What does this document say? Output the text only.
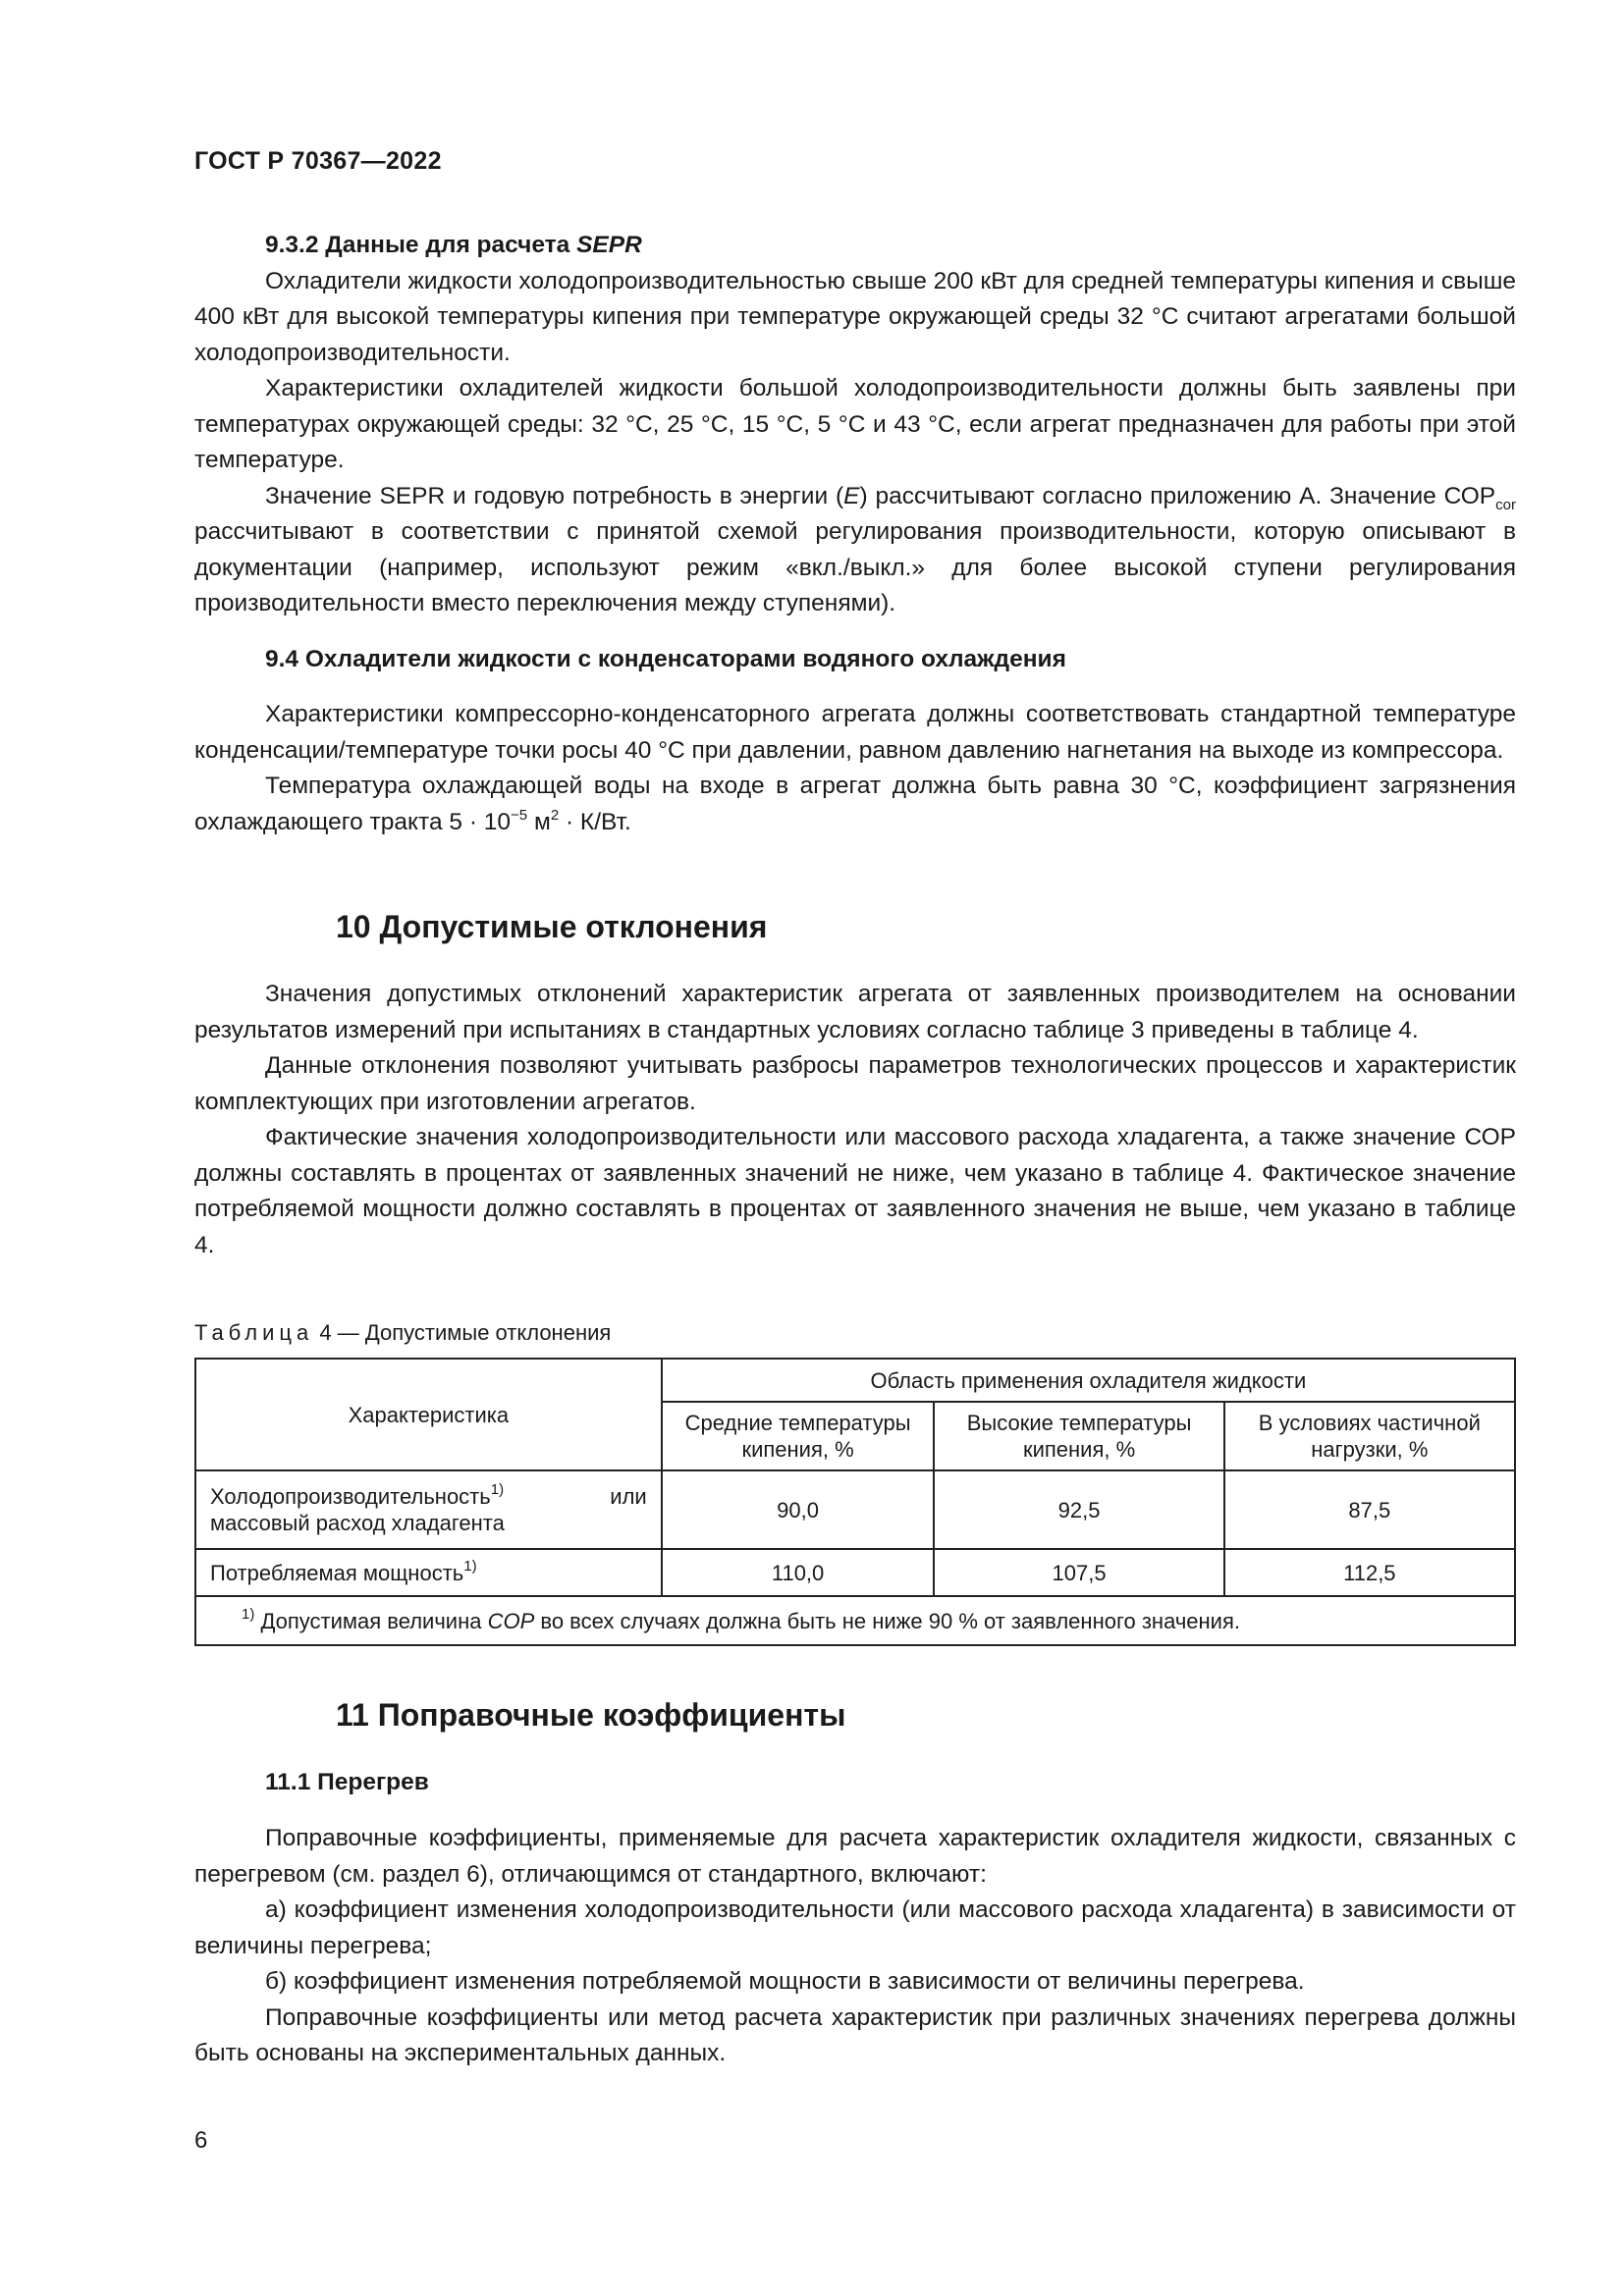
ГОСТ Р 70367—2022

9.3.2 Данные для расчета SEPR

Охладители жидкости холодопроизводительностью свыше 200 кВт для средней температуры кипения и свыше 400 кВт для высокой температуры кипения при температуре окружающей среды 32 °С считают агрегатами большой холодопроизводительности.

Характеристики охладителей жидкости большой холодопроизводительности должны быть заявлены при температурах окружающей среды: 32 °С, 25 °С, 15 °С, 5 °С и 43 °С, если агрегат предназначен для работы при этой температуре.

Значение SEPR и годовую потребность в энергии (E) рассчитывают согласно приложению А. Значение $СОР_{cor}$ рассчитывают в соответствии с принятой схемой регулирования производительности, которую описывают в документации (например, используют режим «вкл./выкл.» для более высокой ступени регулирования производительности вместо переключения между ступенями).

9.4 Охладители жидкости с конденсаторами водяного охлаждения

Характеристики компрессорно-конденсаторного агрегата должны соответствовать стандартной температуре конденсации/температуре точки росы 40 °С при давлении, равном давлению нагнетания на выходе из компрессора.

Температура охлаждающей воды на входе в агрегат должна быть равна 30 °С, коэффициент загрязнения охлаждающего тракта $5 \cdot 10^{-5}$ $м^2 \cdot К/Вт$.

10 Допустимые отклонения

Значения допустимых отклонений характеристик агрегата от заявленных производителем на основании результатов измерений при испытаниях в стандартных условиях согласно таблице 3 приведены в таблице 4.

Данные отклонения позволяют учитывать разбросы параметров технологических процессов и характеристик комплектующих при изготовлении агрегатов.

Фактические значения холодопроизводительности или массового расхода хладагента, а также значение СОР должны составлять в процентах от заявленных значений не ниже, чем указано в таблице 4. Фактическое значение потребляемой мощности должно составлять в процентах от заявленного значения не выше, чем указано в таблице 4.

Таблица 4 — Допустимые отклонения

Характеристика	Область применения охладителя жидкости		
	Средние температуры кипения, %	Высокие температуры кипения, %	В условиях частичной нагрузки, %

Холодопроизводительность$^{1)}$ или
массовый расход хладагента	90,0	92,5	87,5
Потребляемая мощность$^{1)}$	110,0	107,5	112,5
$^{1)}$ Допустимая величина COP во всех случаях должна быть не ниже 90 % от заявленного значения.			

11 Поправочные коэффициенты

11.1 Перегрев

Поправочные коэффициенты, применяемые для расчета характеристик охладителя жидкости, связанных с перегревом (см. раздел 6), отличающимся от стандартного, включают:

а) коэффициент изменения холодопроизводительности (или массового расхода хладагента) в зависимости от величины перегрева;

б) коэффициент изменения потребляемой мощности в зависимости от величины перегрева.

Поправочные коэффициенты или метод расчета характеристик при различных значениях перегрева должны быть основаны на экспериментальных данных.

6
